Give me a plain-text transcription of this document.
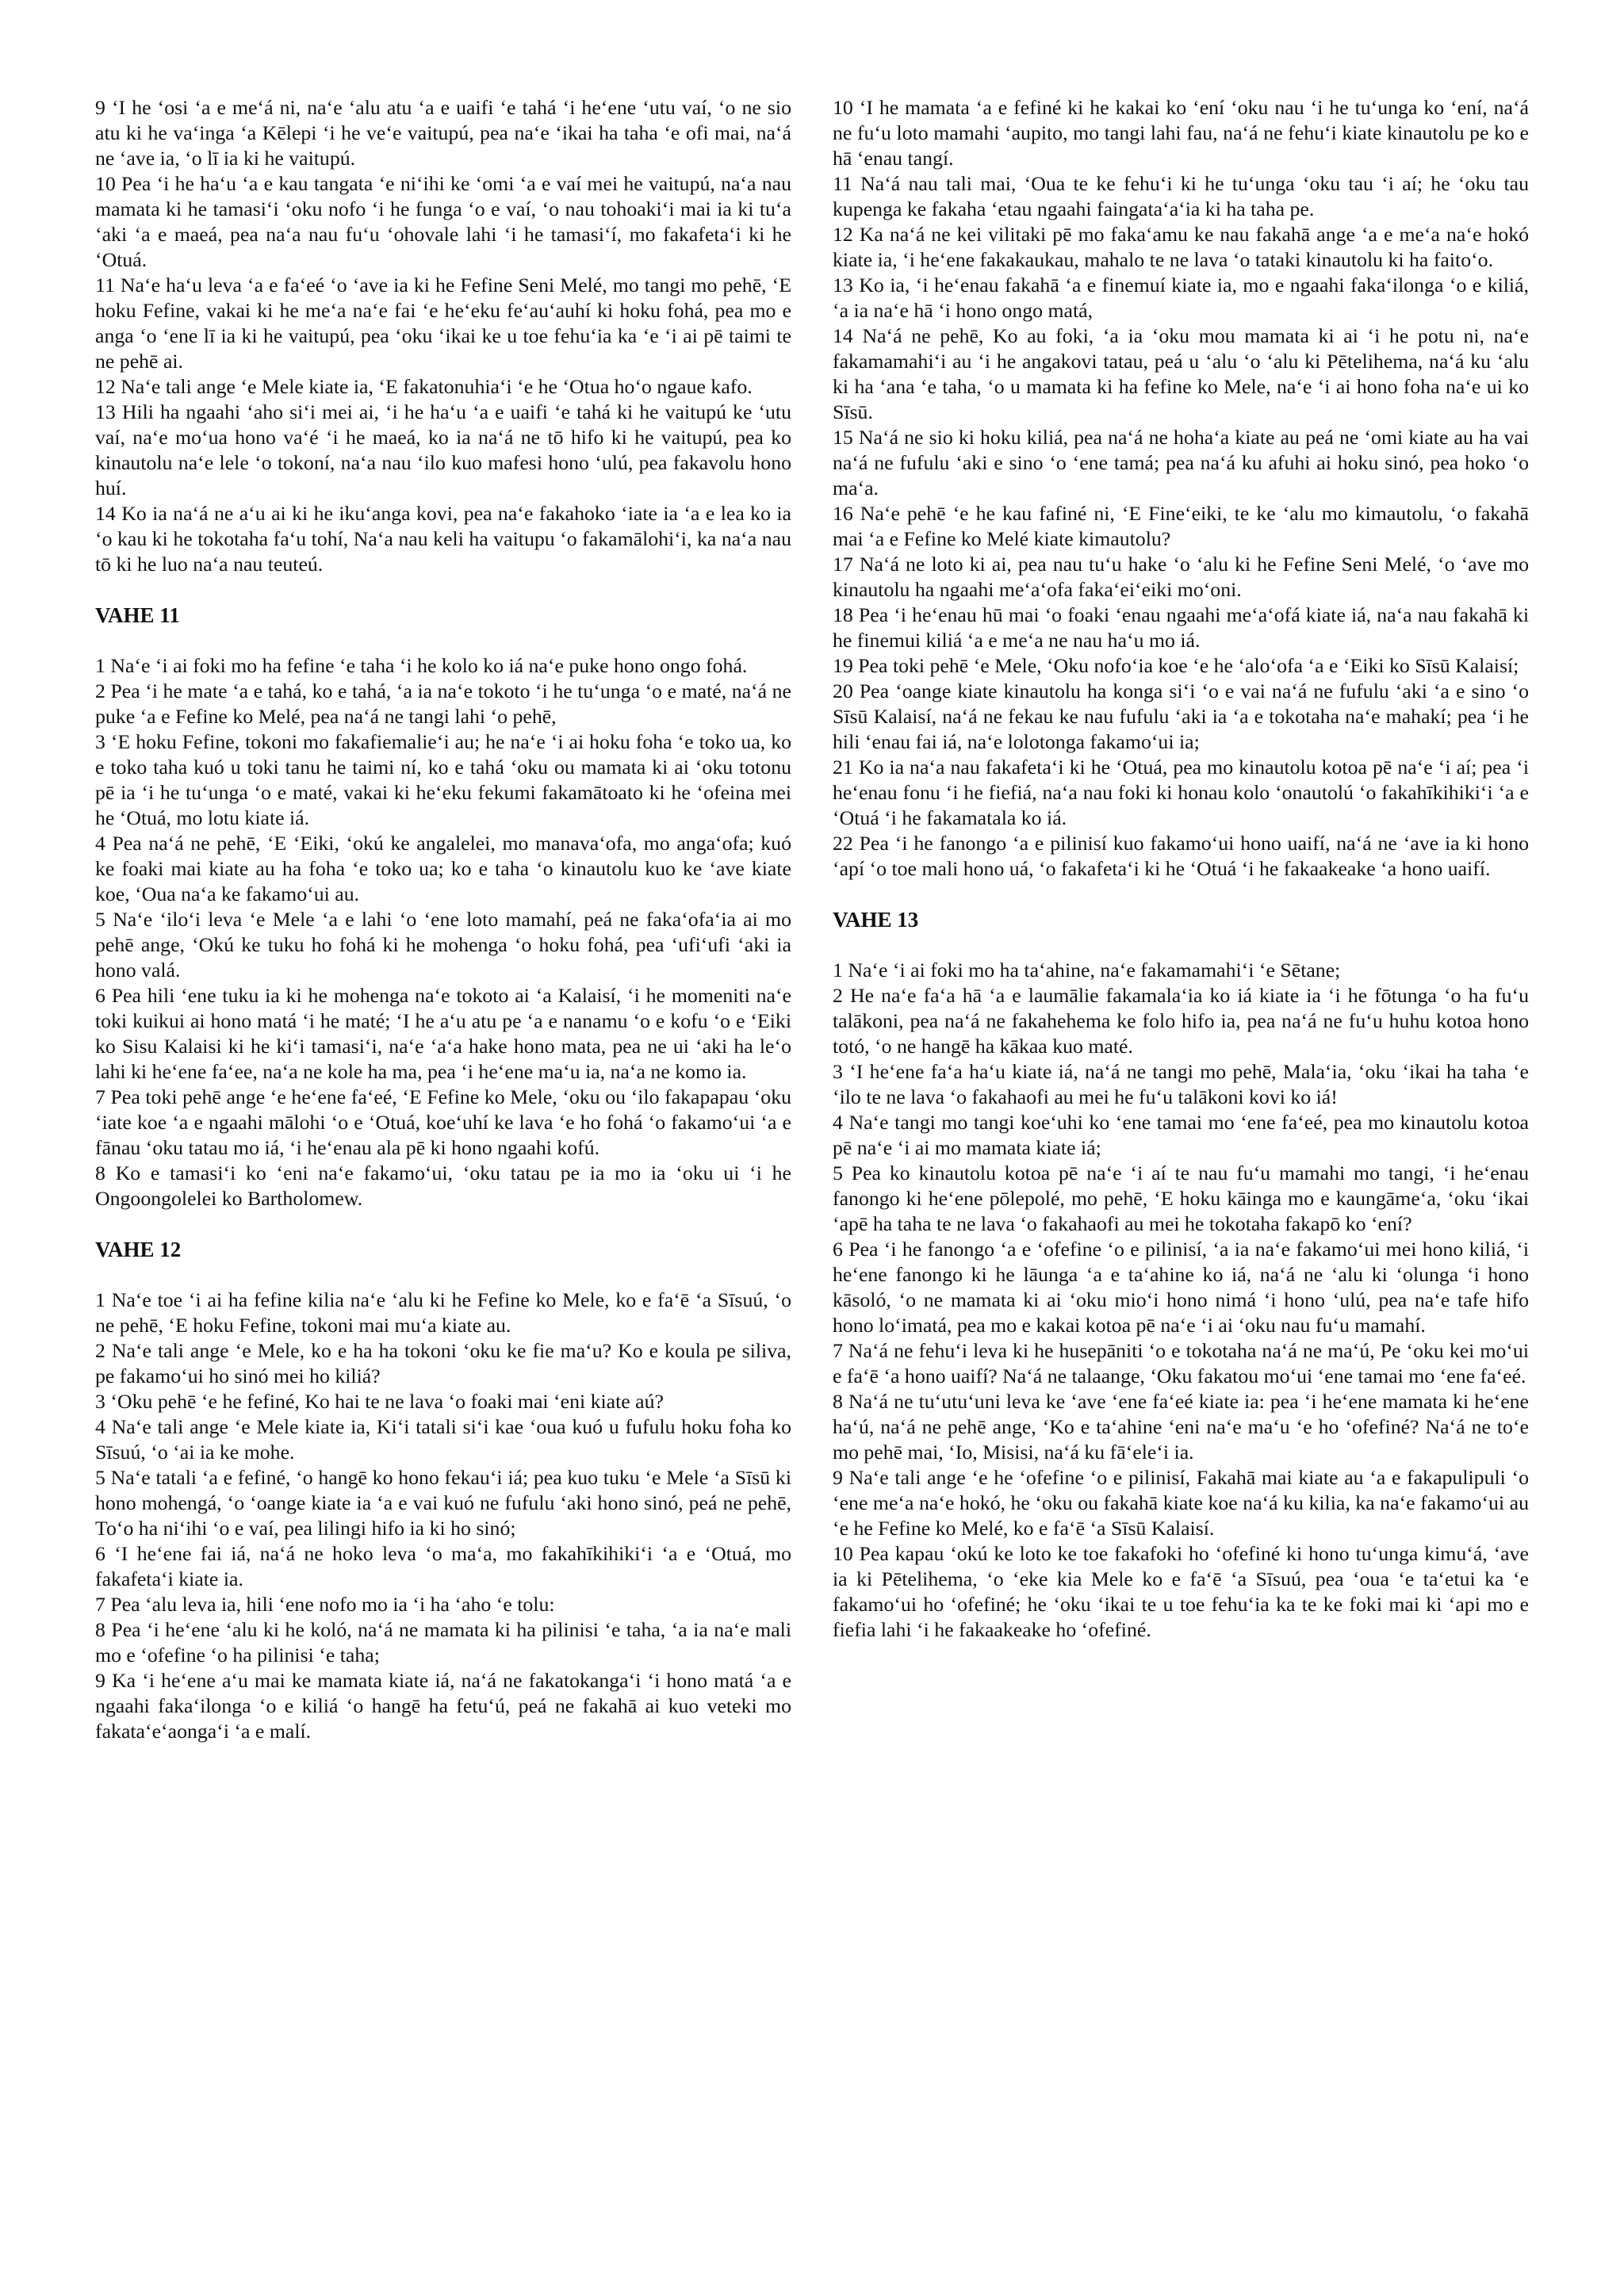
9 ‘I he ‘osi ‘a e me‘á ni, na‘e ‘alu atu ‘a e uaifi ‘e tahá ‘i he‘ene ‘utu vaí, ‘o ne sio atu ki he va‘inga ‘a Kēlepi ‘i he ve‘e vaitupú, pea na‘e ‘ikai ha taha ‘e ofi mai, na‘á ne ‘ave ia, ‘o lī ia ki he vaitupú.

10 Pea ‘i he ha‘u ‘a e kau tangata ‘e ni‘ihi ke ‘omi ‘a e vaí mei he vaitupú, na‘a nau mamata ki he tamasi‘i ‘oku nofo ‘i he funga ‘o e vaí, ‘o nau tohoaki‘i mai ia ki tu‘a ‘aki ‘a e maeá, pea na‘a nau fu‘u ‘ohovale lahi ‘i he tamasi‘í, mo fakafeta‘i ki he ‘Otuá.

11 Na‘e ha‘u leva ‘a e fa‘eé ‘o ‘ave ia ki he Fefine Seni Melé, mo tangi mo pehē, ‘E hoku Fefine, vakai ki he me‘a na‘e fai ‘e he‘eku fe‘au‘auhí ki hoku fohá, pea mo e anga ‘o ‘ene lī ia ki he vaitupú, pea ‘oku ‘ikai ke u toe fehu‘ia ka ‘e ‘i ai pē taimi te ne pehē ai.

12 Na‘e tali ange ‘e Mele kiate ia, ‘E fakatonuhia‘i ‘e he ‘Otua ho‘o ngaue kafo.

13 Hili ha ngaahi ‘aho si‘i mei ai, ‘i he ha‘u ‘a e uaifi ‘e tahá ki he vaitupú ke ‘utu vaí, na‘e mo‘ua hono va‘é ‘i he maeá, ko ia na‘á ne tō hifo ki he vaitupú, pea ko kinautolu na‘e lele ‘o tokoní, na‘a nau ‘ilo kuo mafesi hono ‘ulú, pea fakavolu hono huí.

14 Ko ia na‘á ne a‘u ai ki he iku‘anga kovi, pea na‘e fakahoko ‘iate ia ‘a e lea ko ia ‘o kau ki he tokotaha fa‘u tohí, Na‘a nau keli ha vaitupu ‘o fakamālohi‘i, ka na‘a nau tō ki he luo na‘a nau teuteú.

VAHE 11

1 Na‘e ‘i ai foki mo ha fefine ‘e taha ‘i he kolo ko iá na‘e puke hono ongo fohá.

2 Pea ‘i he mate ‘a e tahá, ko e tahá, ‘a ia na‘e tokoto ‘i he tu‘unga ‘o e maté, na‘á ne puke ‘a e Fefine ko Melé, pea na‘á ne tangi lahi ‘o pehē,

3 ‘E hoku Fefine, tokoni mo fakafiemalie‘i au; he na‘e ‘i ai hoku foha ‘e toko ua, ko e toko taha kuó u toki tanu he taimi ní, ko e tahá ‘oku ou mamata ki ai ‘oku totonu pē ia ‘i he tu‘unga ‘o e maté, vakai ki he‘eku fekumi fakamātoato ki he ‘ofeina mei he ‘Otuá, mo lotu kiate iá.

4 Pea na‘á ne pehē, ‘E ‘Eiki, ‘okú ke angalelei, mo manava‘ofa, mo anga‘ofa; kuó ke foaki mai kiate au ha foha ‘e toko ua; ko e taha ‘o kinautolu kuo ke ‘ave kiate koe, ‘Oua na‘a ke fakamo‘ui au.

5 Na‘e ‘ilo‘i leva ‘e Mele ‘a e lahi ‘o ‘ene loto mamahí, peá ne faka‘ofa‘ia ai mo pehē ange, ‘Okú ke tuku ho fohá ki he mohenga ‘o hoku fohá, pea ‘ufi‘ufi ‘aki ia hono valá.

6 Pea hili ‘ene tuku ia ki he mohenga na‘e tokoto ai ‘a Kalaisí, ‘i he momeniti na‘e toki kuikui ai hono matá ‘i he maté; ‘I he a‘u atu pe ‘a e nanamu ‘o e kofu ‘o e ‘Eiki ko Sisu Kalaisi ki he ki‘i tamasi‘i, na‘e ‘a‘a hake hono mata, pea ne ui ‘aki ha le‘o lahi ki he‘ene fa‘ee, na‘a ne kole ha ma, pea ‘i he‘ene ma‘u ia, na‘a ne komo ia.

7 Pea toki pehē ange ‘e he‘ene fa‘eé, ‘E Fefine ko Mele, ‘oku ou ‘ilo fakapapau ‘oku ‘iate koe ‘a e ngaahi mālohi ‘o e ‘Otuá, koe‘uhí ke lava ‘e ho fohá ‘o fakamo‘ui ‘a e fānau ‘oku tatau mo iá, ‘i he‘enau ala pē ki hono ngaahi kofú.

8 Ko e tamasi‘i ko ‘eni na‘e fakamo‘ui, ‘oku tatau pe ia mo ia ‘oku ui ‘i he Ongoongolelei ko Bartholomew.

VAHE 12

1 Na‘e toe ‘i ai ha fefine kilia na‘e ‘alu ki he Fefine ko Mele, ko e fa‘ē ‘a Sīsuú, ‘o ne pehē, ‘E hoku Fefine, tokoni mai mu‘a kiate au.

2 Na‘e tali ange ‘e Mele, ko e ha ha tokoni ‘oku ke fie ma‘u? Ko e koula pe siliva, pe fakamo‘ui ho sinó mei ho kiliá?

3 ‘Oku pehē ‘e he fefiné, Ko hai te ne lava ‘o foaki mai ‘eni kiate aú?

4 Na‘e tali ange ‘e Mele kiate ia, Ki‘i tatali si‘i kae ‘oua kuó u fufulu hoku foha ko Sīsuú, ‘o ‘ai ia ke mohe.

5 Na‘e tatali ‘a e fefiné, ‘o hangē ko hono fekau‘i iá; pea kuo tuku ‘e Mele ‘a Sīsū ki hono mohengá, ‘o ‘oange kiate ia ‘a e vai kuó ne fufulu ‘aki hono sinó, peá ne pehē, To‘o ha ni‘ihi ‘o e vaí, pea lilingi hifo ia ki ho sinó;

6 ‘I he‘ene fai iá, na‘á ne hoko leva ‘o ma‘a, mo fakahīkihiki‘i ‘a e ‘Otuá, mo fakafeta‘i kiate ia.

7 Pea ‘alu leva ia, hili ‘ene nofo mo ia ‘i ha ‘aho ‘e tolu:

8 Pea ‘i he‘ene ‘alu ki he koló, na‘á ne mamata ki ha pilinisi ‘e taha, ‘a ia na‘e mali mo e ‘ofefine ‘o ha pilinisi ‘e taha;

9 Ka ‘i he‘ene a‘u mai ke mamata kiate iá, na‘á ne fakatokanga‘i ‘i hono matá ‘a e ngaahi faka‘ilonga ‘o e kiliá ‘o hangē ha fetu‘ú, peá ne fakahā ai kuo veteki mo fakata‘e‘aonga‘i ‘a e malí.

10 ‘I he mamata ‘a e fefiné ki he kakai ko ‘ení ‘oku nau ‘i he tu‘unga ko ‘ení, na‘á ne fu‘u loto mamahi ‘aupito, mo tangi lahi fau, na‘á ne fehu‘i kiate kinautolu pe ko e hā ‘enau tangí.

11 Na‘á nau tali mai, ‘Oua te ke fehu‘i ki he tu‘unga ‘oku tau ‘i aí; he ‘oku tau kupenga ke fakaha ‘etau ngaahi faingata‘a‘ia ki ha taha pe.

12 Ka na‘á ne kei vilitaki pē mo faka‘amu ke nau fakahā ange ‘a e me‘a na‘e hokó kiate ia, ‘i he‘ene fakakaukau, mahalo te ne lava ‘o tataki kinautolu ki ha faito‘o.

13 Ko ia, ‘i he‘enau fakahā ‘a e finemuí kiate ia, mo e ngaahi faka‘ilonga ‘o e kiliá, ‘a ia na‘e hā ‘i hono ongo matá,

14 Na‘á ne pehē, Ko au foki, ‘a ia ‘oku mou mamata ki ai ‘i he potu ni, na‘e fakamamahi‘i au ‘i he angakovi tatau, peá u ‘alu ‘o ‘alu ki Pētelihema, na‘á ku ‘alu ki ha ‘ana ‘e taha, ‘o u mamata ki ha fefine ko Mele, na‘e ‘i ai hono foha na‘e ui ko Sīsū.

15 Na‘á ne sio ki hoku kiliá, pea na‘á ne hoha‘a kiate au peá ne ‘omi kiate au ha vai na‘á ne fufulu ‘aki e sino ‘o ‘ene tamá; pea na‘á ku afuhi ai hoku sinó, pea hoko ‘o ma‘a.

16 Na‘e pehē ‘e he kau fafiné ni, ‘E Fine‘eiki, te ke ‘alu mo kimautolu, ‘o fakahā mai ‘a e Fefine ko Melé kiate kimautolu?

17 Na‘á ne loto ki ai, pea nau tu‘u hake ‘o ‘alu ki he Fefine Seni Melé, ‘o ‘ave mo kinautolu ha ngaahi me‘a‘ofa faka‘ei‘eiki mo‘oni.

18 Pea ‘i he‘enau hū mai ‘o foaki ‘enau ngaahi me‘a‘ofá kiate iá, na‘a nau fakahā ki he finemui kiliá ‘a e me‘a ne nau ha‘u mo iá.

19 Pea toki pehē ‘e Mele, ‘Oku nofo‘ia koe ‘e he ‘alo‘ofa ‘a e ‘Eiki ko Sīsū Kalaisí;

20 Pea ‘oange kiate kinautolu ha konga si‘i ‘o e vai na‘á ne fufulu ‘aki ‘a e sino ‘o Sīsū Kalaisí, na‘á ne fekau ke nau fufulu ‘aki ia ‘a e tokotaha na‘e mahakí; pea ‘i he hili ‘enau fai iá, na‘e lolotonga fakamo‘ui ia;

21 Ko ia na‘a nau fakafeta‘i ki he ‘Otuá, pea mo kinautolu kotoa pē na‘e ‘i aí; pea ‘i he‘enau fonu ‘i he fiefiá, na‘a nau foki ki honau kolo ‘onautolú ‘o fakahīkihiki‘i ‘a e ‘Otuá ‘i he fakamatala ko iá.

22 Pea ‘i he fanongo ‘a e pilinisí kuo fakamo‘ui hono uaifí, na‘á ne ‘ave ia ki hono ‘apí ‘o toe mali hono uá, ‘o fakafeta‘i ki he ‘Otuá ‘i he fakaakeake ‘a hono uaifí.

VAHE 13

1 Na‘e ‘i ai foki mo ha ta‘ahine, na‘e fakamamahi‘i ‘e Sētane;

2 He na‘e fa‘a hā ‘a e laumālie fakamala‘ia ko iá kiate ia ‘i he fōtunga ‘o ha fu‘u talākoni, pea na‘á ne fakahehema ke folo hifo ia, pea na‘á ne fu‘u huhu kotoa hono totó, ‘o ne hangē ha kākaa kuo maté.

3 ‘I he‘ene fa‘a ha‘u kiate iá, na‘á ne tangi mo pehē, Mala‘ia, ‘oku ‘ikai ha taha ‘e ‘ilo te ne lava ‘o fakahaofi au mei he fu‘u talākoni kovi ko iá!

4 Na‘e tangi mo tangi koe‘uhi ko ‘ene tamai mo ‘ene fa‘eé, pea mo kinautolu kotoa pē na‘e ‘i ai mo mamata kiate iá;

5 Pea ko kinautolu kotoa pē na‘e ‘i aí te nau fu‘u mamahi mo tangi, ‘i he‘enau fanongo ki he‘ene pōlepolé, mo pehē, ‘E hoku kāinga mo e kaungāme‘a, ‘oku ‘ikai ‘apē ha taha te ne lava ‘o fakahaofi au mei he tokotaha fakapō ko ‘ení?

6 Pea ‘i he fanongo ‘a e ‘ofefine ‘o e pilinisí, ‘a ia na‘e fakamo‘ui mei hono kiliá, ‘i he‘ene fanongo ki he lāunga ‘a e ta‘ahine ko iá, na‘á ne ‘alu ki ‘olunga ‘i hono kāsoló, ‘o ne mamata ki ai ‘oku mio‘i hono nimá ‘i hono ‘ulú, pea na‘e tafe hifo hono lo‘imatá, pea mo e kakai kotoa pē na‘e ‘i ai ‘oku nau fu‘u mamahí.

7 Na‘á ne fehu‘i leva ki he husepāniti ‘o e tokotaha na‘á ne ma‘ú, Pe ‘oku kei mo‘ui e fa‘ē ‘a hono uaifí? Na‘á ne talaange, ‘Oku fakatou mo‘ui ‘ene tamai mo ‘ene fa‘eé.

8 Na‘á ne tu‘utu‘uni leva ke ‘ave ‘ene fa‘eé kiate ia: pea ‘i he‘ene mamata ki he‘ene ha‘ú, na‘á ne pehē ange, ‘Ko e ta‘ahine ‘eni na‘e ma‘u ‘e ho ‘ofefiné? Na‘á ne to‘e mo pehē mai, ‘Io, Misisi, na‘á ku fā‘ele‘i ia.

9 Na‘e tali ange ‘e he ‘ofefine ‘o e pilinisí, Fakahā mai kiate au ‘a e fakapulipuli ‘o ‘ene me‘a na‘e hokó, he ‘oku ou fakahā kiate koe na‘á ku kilia, ka na‘e fakamo‘ui au ‘e he Fefine ko Melé, ko e fa‘ē ‘a Sīsū Kalaisí.

10 Pea kapau ‘okú ke loto ke toe fakafoki ho ‘ofefiné ki hono tu‘unga kimu‘á, ‘ave ia ki Pētelihema, ‘o ‘eke kia Mele ko e fa‘ē ‘a Sīsuú, pea ‘oua ‘e ta‘etui ka ‘e fakamo‘ui ho ‘ofefiné; he ‘oku ‘ikai te u toe fehu‘ia ka te ke foki mai ki ‘api mo e fiefia lahi ‘i he fakaakeake ho ‘ofefiné.
